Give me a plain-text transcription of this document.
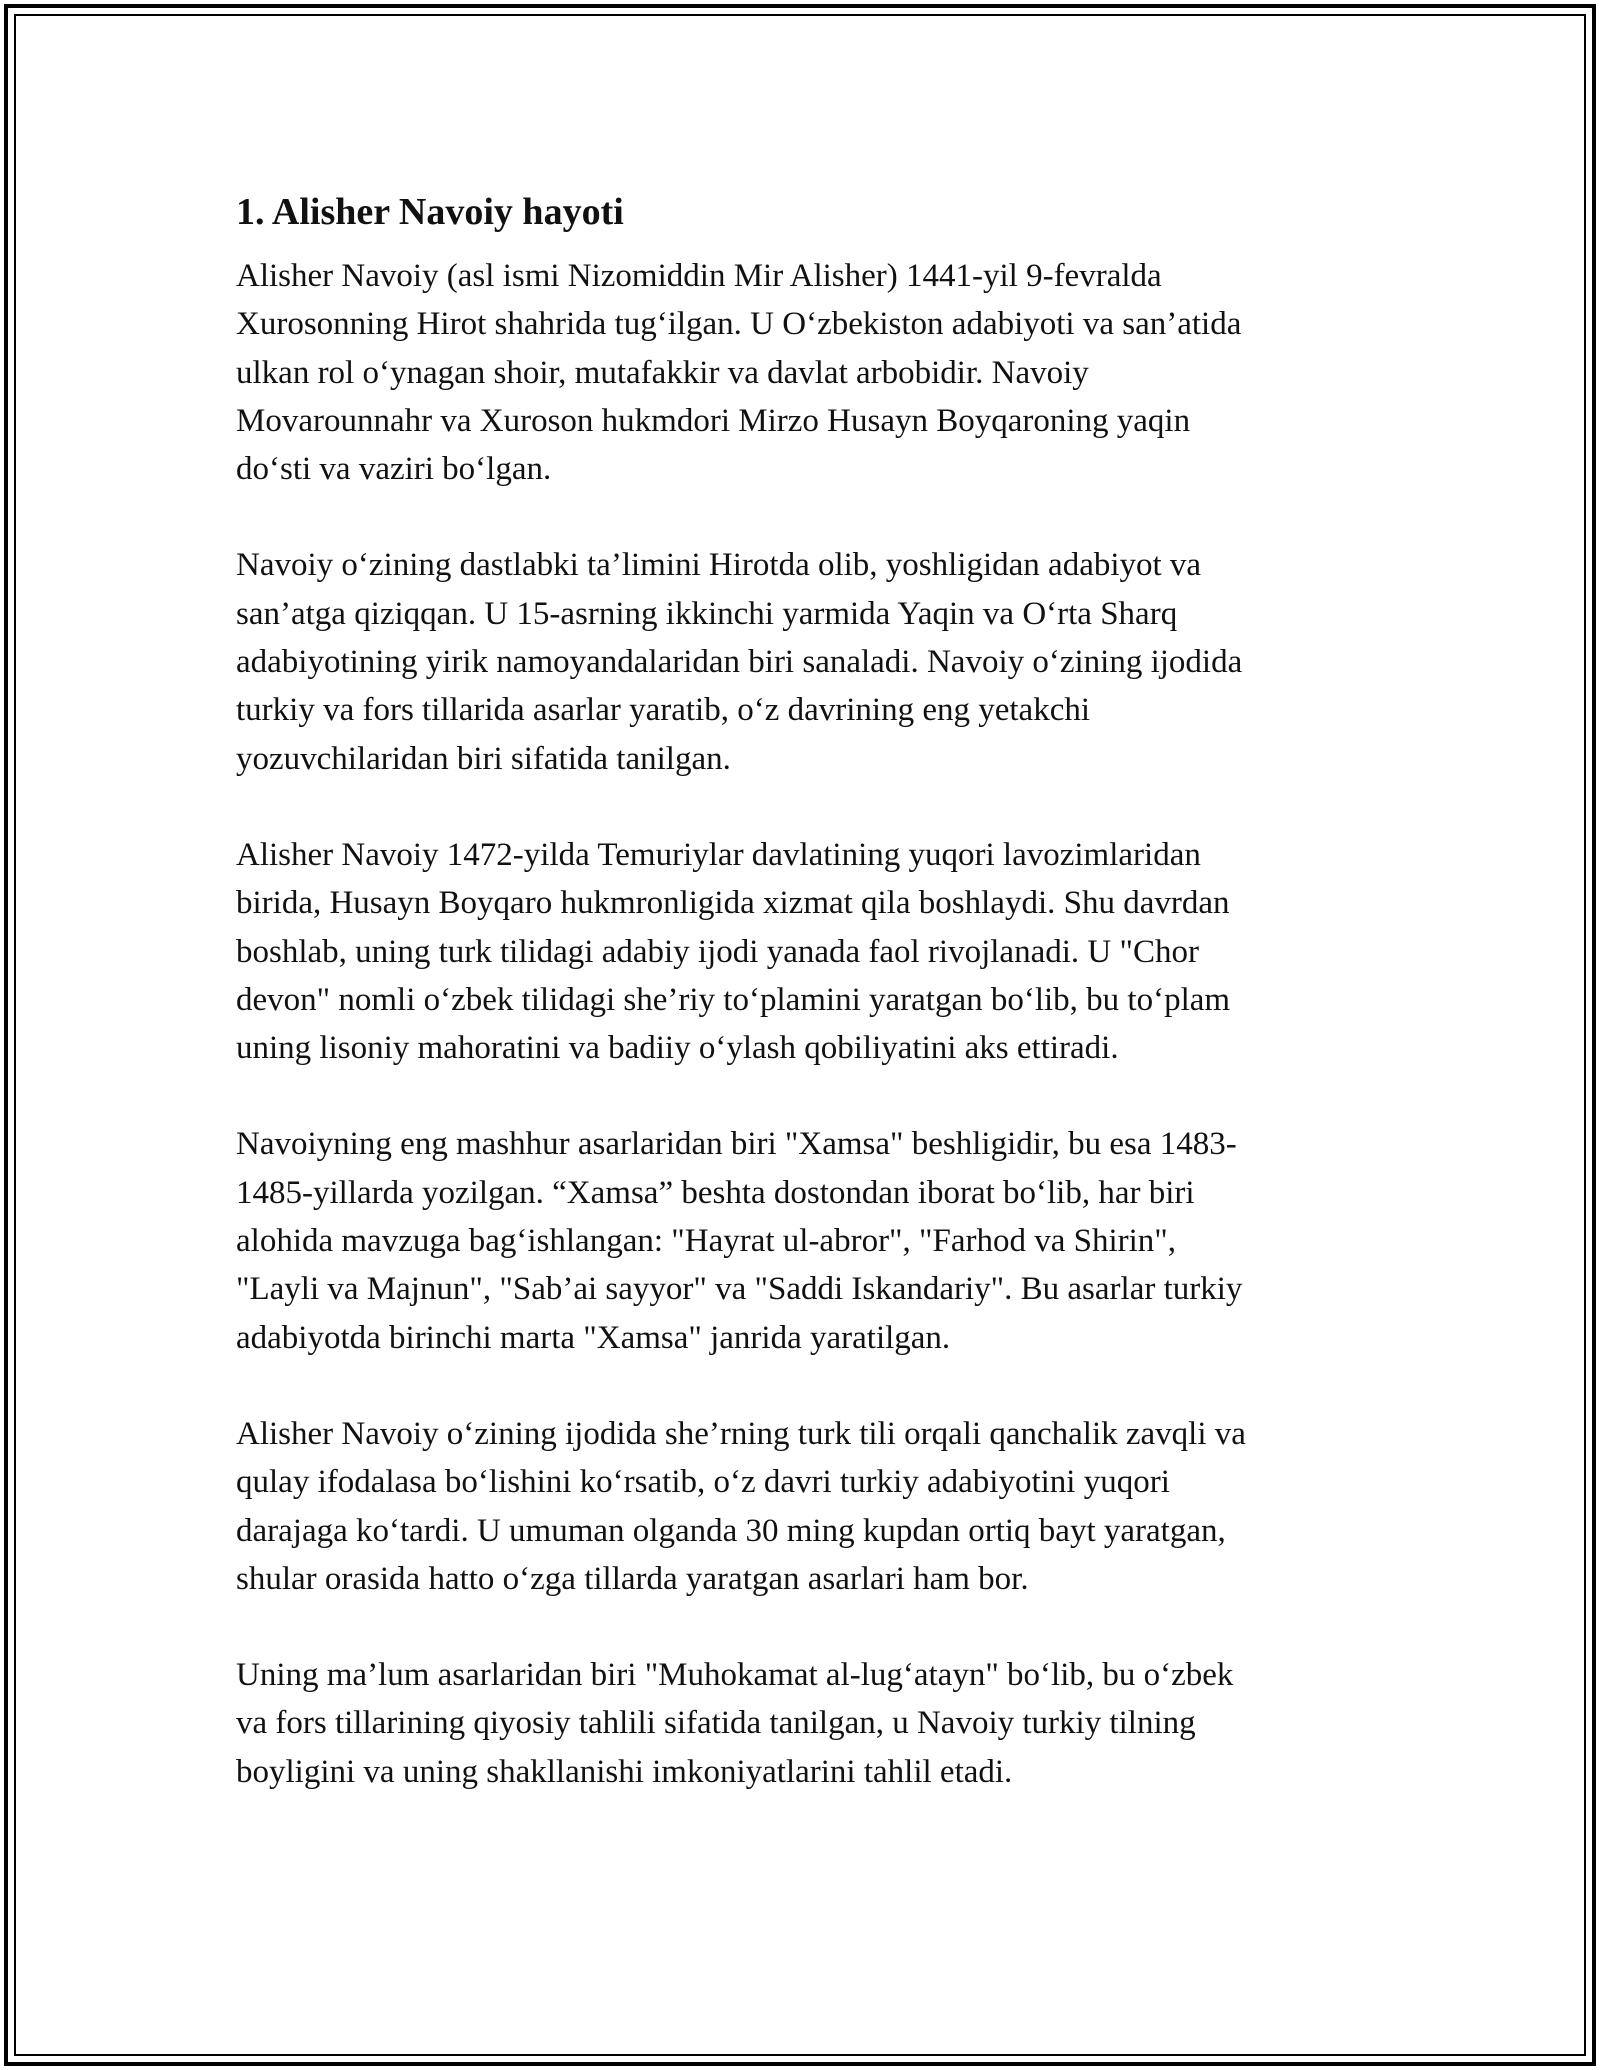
1. Alisher Navoiy hayoti
Alisher Navoiy (asl ismi Nizomiddin Mir Alisher) 1441-yil 9-fevralda
Xurosonning Hirot shahrida tug‘ilgan. U O‘zbekiston adabiyoti va san’atida
ulkan rol o‘ynagan shoir, mutafakkir va davlat arbobidir. Navoiy
Movarounnahr va Xuroson hukmdori Mirzo Husayn Boyqaroning yaqin
do‘sti va vaziri bo‘lgan.
Navoiy o‘zining dastlabki ta’limini Hirotda olib, yoshligidan adabiyot va
san’atga qiziqqan. U 15-asrning ikkinchi yarmida Yaqin va O‘rta Sharq
adabiyotining yirik namoyandalaridan biri sanaladi. Navoiy o‘zining ijodida
turkiy va fors tillarida asarlar yaratib, o‘z davrining eng yetakchi
yozuvchilaridan biri sifatida tanilgan.
Alisher Navoiy 1472-yilda Temuriylar davlatining yuqori lavozimlaridan
birida, Husayn Boyqaro hukmronligida xizmat qila boshlaydi. Shu davrdan
boshlab, uning turk tilidagi adabiy ijodi yanada faol rivojlanadi. U "Chor
devon" nomli o‘zbek tilidagi she’riy to‘plamini yaratgan bo‘lib, bu to‘plam
uning lisoniy mahoratini va badiiy o‘ylash qobiliyatini aks ettiradi.
Navoiyning eng mashhur asarlaridan biri "Xamsa" beshligidir, bu esa 1483-
1485-yillarda yozilgan. “Xamsa” beshta dostondan iborat bo‘lib, har biri
alohida mavzuga bag‘ishlangan: "Hayrat ul-abror", "Farhod va Shirin",
"Layli va Majnun", "Sab’ai sayyor" va "Saddi Iskandariy". Bu asarlar turkiy
adabiyotda birinchi marta "Xamsa" janrida yaratilgan.
Alisher Navoiy o‘zining ijodida she’rning turk tili orqali qanchalik zavqli va
qulay ifodalasa bo‘lishini ko‘rsatib, o‘z davri turkiy adabiyotini yuqori
darajaga ko‘tardi. U umuman olganda 30 ming kupdan ortiq bayt yaratgan,
shular orasida hatto o‘zga tillarda yaratgan asarlari ham bor.
Uning ma’lum asarlaridan biri "Muhokamat al-lug‘atayn" bo‘lib, bu o‘zbek
va fors tillarining qiyosiy tahlili sifatida tanilgan, u Navoiy turkiy tilning
boyligini va uning shakllanishi imkoniyatlarini tahlil etadi.
